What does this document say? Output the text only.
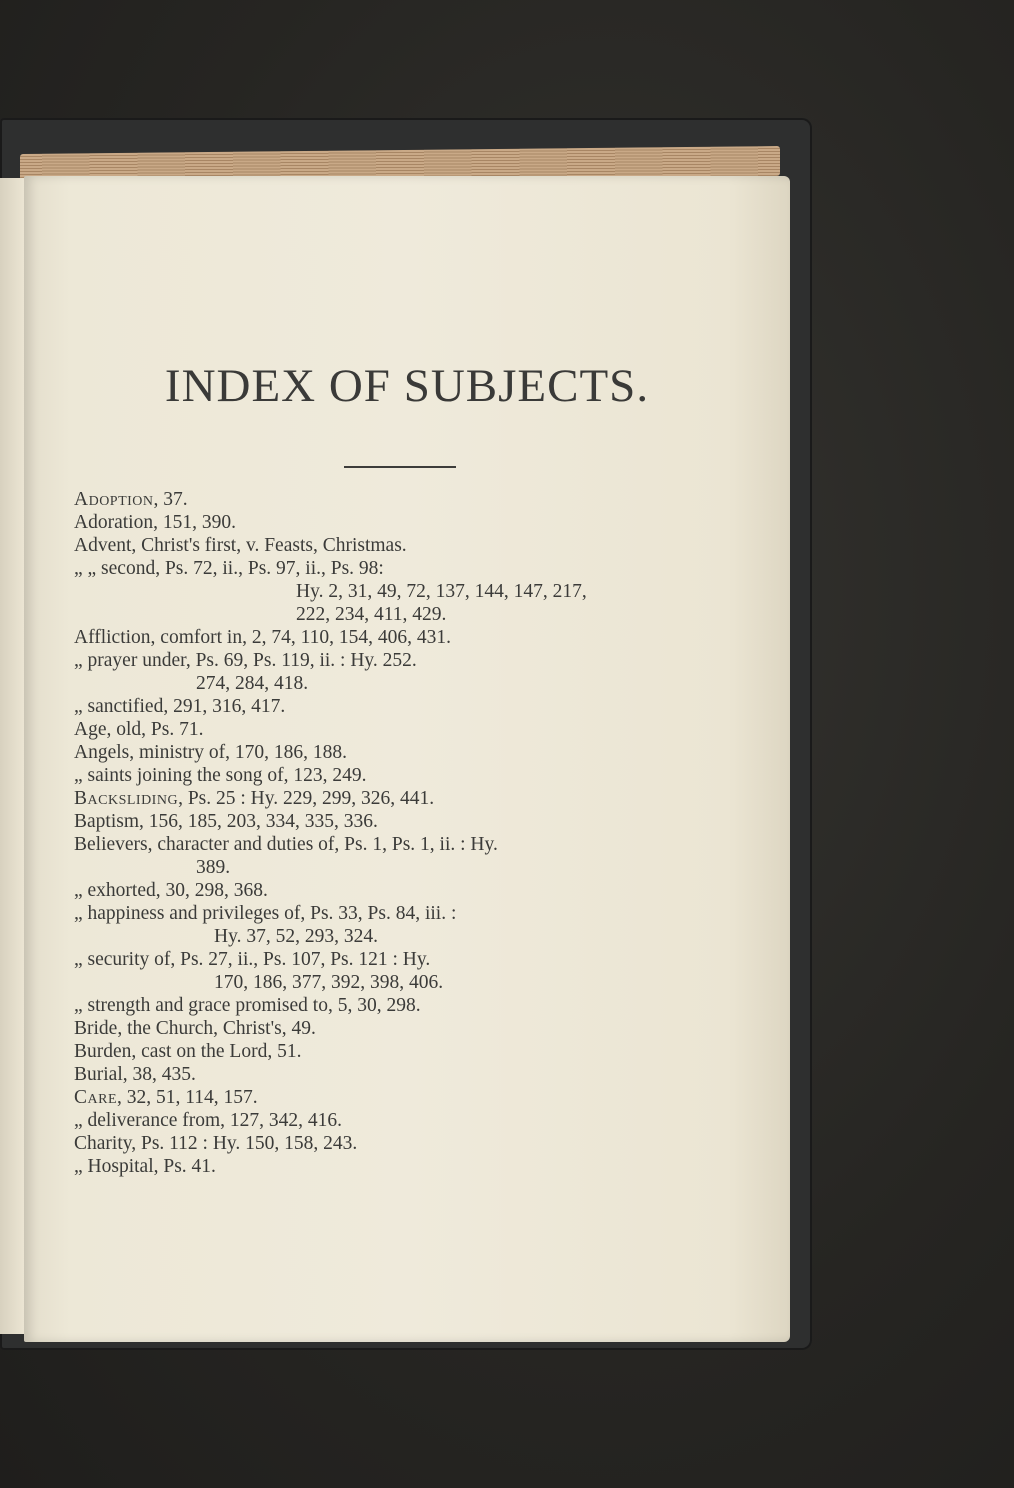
INDEX OF SUBJECTS.
Adoption, 37.
Adoration, 151, 390.
Advent, Christ's first, v. Feasts, Christmas.
„ „ second, Ps. 72, ii., Ps. 97, ii., Ps. 98:
Hy. 2, 31, 49, 72, 137, 144, 147, 217,
222, 234, 411, 429.
Affliction, comfort in, 2, 74, 110, 154, 406, 431.
„ prayer under, Ps. 69, Ps. 119, ii. : Hy. 252.
274, 284, 418.
„ sanctified, 291, 316, 417.
Age, old, Ps. 71.
Angels, ministry of, 170, 186, 188.
„ saints joining the song of, 123, 249.
Backsliding, Ps. 25 : Hy. 229, 299, 326, 441.
Baptism, 156, 185, 203, 334, 335, 336.
Believers, character and duties of, Ps. 1, Ps. 1, ii. : Hy.
389.
„ exhorted, 30, 298, 368.
„ happiness and privileges of, Ps. 33, Ps. 84, iii. :
Hy. 37, 52, 293, 324.
„ security of, Ps. 27, ii., Ps. 107, Ps. 121 : Hy.
170, 186, 377, 392, 398, 406.
„ strength and grace promised to, 5, 30, 298.
Bride, the Church, Christ's, 49.
Burden, cast on the Lord, 51.
Burial, 38, 435.
Care, 32, 51, 114, 157.
„ deliverance from, 127, 342, 416.
Charity, Ps. 112 : Hy. 150, 158, 243.
„ Hospital, Ps. 41.
